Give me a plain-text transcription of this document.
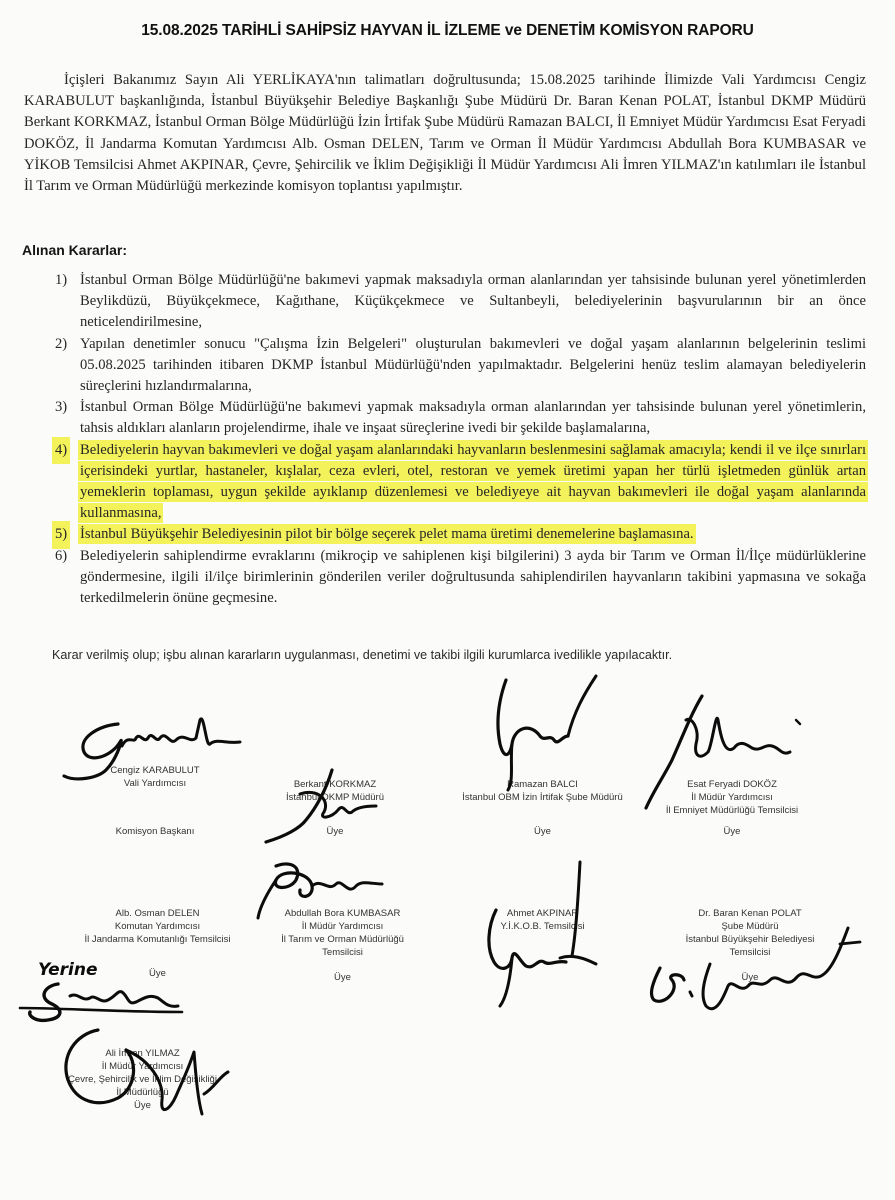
15.08.2025 TARİHLİ SAHİPSİZ HAYVAN İL İZLEME ve DENETİM KOMİSYON RAPORU
İçişleri Bakanımız Sayın Ali YERLİKAYA'nın talimatları doğrultusunda; 15.08.2025 tarihinde İlimizde Vali Yardımcısı Cengiz KARABULUT başkanlığında, İstanbul Büyükşehir Belediye Başkanlığı Şube Müdürü Dr. Baran Kenan POLAT, İstanbul DKMP Müdürü Berkant KORKMAZ, İstanbul Orman Bölge Müdürlüğü İzin İrtifak Şube Müdürü Ramazan BALCI, İl Emniyet Müdür Yardımcısı Esat Feryadi DOKÖZ, İl Jandarma Komutan Yardımcısı Alb. Osman DELEN, Tarım ve Orman İl Müdür Yardımcısı Abdullah Bora KUMBASAR ve YİKOB Temsilcisi Ahmet AKPINAR, Çevre, Şehircilik ve İklim Değişikliği İl Müdür Yardımcısı Ali İmren YILMAZ'ın katılımları ile İstanbul İl Tarım ve Orman Müdürlüğü merkezinde komisyon toplantısı yapılmıştır.
Alınan Kararlar:
1) İstanbul Orman Bölge Müdürlüğü'ne bakımevi yapmak maksadıyla orman alanlarından yer tahsisinde bulunan yerel yönetimlerden Beylikdüzü, Büyükçekmece, Kağıthane, Küçükçekmece ve Sultanbeyli, belediyelerinin başvurularının bir an önce neticelendirilmesine,
2) Yapılan denetimler sonucu "Çalışma İzin Belgeleri" oluşturulan bakımevleri ve doğal yaşam alanlarının belgelerinin teslimi 05.08.2025 tarihinden itibaren DKMP İstanbul Müdürlüğü'nden yapılmaktadır. Belgelerini henüz teslim alamayan belediyelerin süreçlerini hızlandırmalarına,
3) İstanbul Orman Bölge Müdürlüğü'ne bakımevi yapmak maksadıyla orman alanlarından yer tahsisinde bulunan yerel yönetimlerin, tahsis aldıkları alanların projelendirme, ihale ve inşaat süreçlerine ivedi bir şekilde başlamalarına,
4) Belediyelerin hayvan bakımevleri ve doğal yaşam alanlarındaki hayvanların beslenmesini sağlamak amacıyla; kendi il ve ilçe sınırları içerisindeki yurtlar, hastaneler, kışlalar, ceza evleri, otel, restoran ve yemek üretimi yapan her türlü işletmeden günlük artan yemeklerin toplaması, uygun şekilde ayıklanıp düzenlemesi ve belediyeye ait hayvan bakımevleri ile doğal yaşam alanlarında kullanmasına,
5) İstanbul Büyükşehir Belediyesinin pilot bir bölge seçerek pelet mama üretimi denemelerine başlamasına.
6) Belediyelerin sahiplendirme evraklarını (mikroçip ve sahiplenen kişi bilgilerini) 3 ayda bir Tarım ve Orman İl/İlçe müdürlüklerine göndermesine, ilgili il/ilçe birimlerinin gönderilen veriler doğrultusunda sahiplendirilen hayvanların takibini yapmasına ve sokağa terkedilmelerin önüne geçmesine.
Karar verilmiş olup; işbu alınan kararların uygulanması, denetimi ve takibi ilgili kurumlarca ivedilikle yapılacaktır.
Cengiz KARABULUT
Vali Yardımcısı
Komisyon Başkanı
Berkant KORKMAZ
İstanbul DKMP Müdürü
Üye
Ramazan BALCI
İstanbul OBM İzin İrtifak Şube Müdürü
Üye
Esat Feryadi DOKÖZ
İl Müdür Yardımcısı
İl Emniyet Müdürlüğü Temsilcisi
Üye
Alb. Osman DELEN
Komutan Yardımcısı
İl Jandarma Komutanlığı Temsilcisi
Üye
Abdullah Bora KUMBASAR
İl Müdür Yardımcısı
İl Tarım ve Orman Müdürlüğü
Temsilcisi
Üye
Ahmet AKPINAR
Y.İ.K.O.B. Temsilcisi
Dr. Baran Kenan POLAT
Şube Müdürü
İstanbul Büyükşehir Belediyesi
Temsilcisi
Üye
Ali İmren YILMAZ
İl Müdür Yardımcısı
Çevre, Şehircilik ve İklim Değişikliği
İl Müdürlüğü
Üye
Yerine
